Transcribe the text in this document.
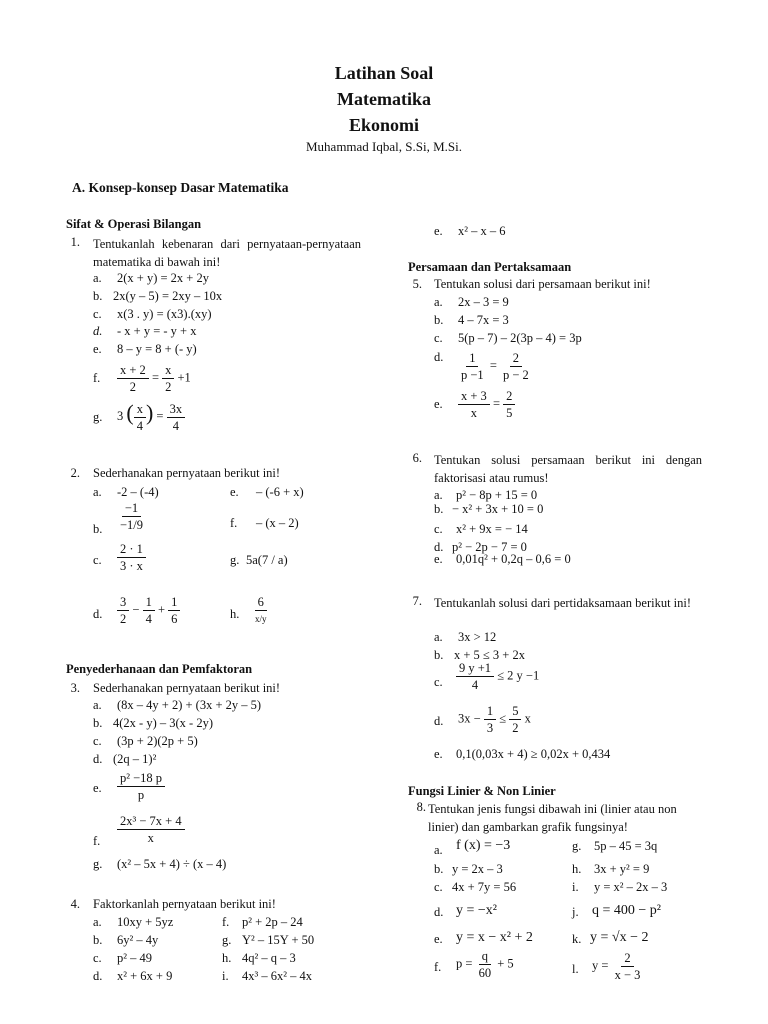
Latihan Soal
Matematika
Ekonomi
Muhammad Iqbal, S.Si, M.Si.
A. Konsep-konsep Dasar Matematika
Sifat & Operasi Bilangan
1. Tentukanlah kebenaran dari pernyataan-pernyataan matematika di bawah ini!
a.	2(x + y) = 2x + 2y
b. 2x(y – 5) = 2xy – 10x
c.	x(3 . y) = (x3).(xy)
d.	- x + y = - y + x
e.	8 – y = 8 + (- y)
f.	$\frac{x + 2}{2} = \frac{x}{2} +1$
g.	3 ( $\frac{x}{4}$ ) = $\frac{3x}{4}$
2. Sederhanakan pernyataan berikut ini!
a.	-2 – (-4)	e.	– (-6 + x)
b.	$\frac{-1}{-1/9}$	f.	– (x – 2)
c.	$\frac{2 \cdot 1}{3 \cdot x}$	g. 5a(7 / a)
d.	$\frac{3}{2} - \frac{1}{4} + \frac{1}{6}$	h.	$\frac{6}{x/y}$
Penyederhanaan dan Pemfaktoran
3. Sederhanakan pernyataan berikut ini!
a.	(8x – 4y + 2) + (3x + 2y – 5)
b. 4(2x - y) – 3(x - 2y)
c.	(3p + 2)(2p + 5)
d. (2q – 1)²
e.	$\frac{\text{p² −18 p}}{p}$
f.	$\frac{\text{2x³ − 7x + 4}}{x}$
g.	(x² – 5x + 4) ÷ (x – 4)
4. Faktorkanlah pernyataan berikut ini!
a.	10xy + 5yz	f.	p² + 2p – 24
b.	6y² – 4y	g. Y² – 15Y + 50
c.	p² – 49	h. 4q² – q – 3
d.	x² + 6x + 9	i.	4x³ – 6x² – 4x
e.	x² – x – 6
Persamaan dan Pertaksamaan
5. Tentukan solusi dari persamaan berikut ini!
a.	2x – 3 = 9
b.	4 – 7x = 3
c.	5(p – 7) – 2(3p – 4) = 3p
d.	$\frac{1}{p -1} = \frac{2}{p - 2}$
e.	$\frac{x + 3}{x} = \frac{2}{5}$
6. Tentukan solusi persamaan berikut ini dengan faktorisasi atau rumus!
a.	p² − 8p + 15 = 0
b. − x² + 3x + 10 = 0
c.	x² + 9x = − 14
d. p² − 2p − 7 = 0
e.	0,01q² + 0,2q – 0,6 = 0
7. Tentukanlah solusi dari pertidaksamaan berikut ini!
a.	3x > 12
b. x + 5 ≤ 3 + 2x
c.	$\frac{9 y +1}{4} \le 2$ y −1
d.	$3x - \frac{1}{3} \le \frac{5}{2}$ x
e.	0,1(0,03x + 4) ≥ 0,02x + 0,434
Fungsi Linier & Non Linier
8. Tentukan jenis fungsi dibawah ini (linier atau non linier) dan gambarkan grafik fungsinya!
a. f (x) = −3	g.	5p – 45 = 3q
b. y = 2x – 3	h.	3x + y² = 9
c. 4x + 7y = 56	i.	y = x² – 2x – 3
d. y = −x²	j. q = 400 − p²
e. y = x − x² + 2	k. y = √x − 2
f.	$p = \frac{q}{60} + 5$	l.	$y = \frac{2}{x - 3}$
